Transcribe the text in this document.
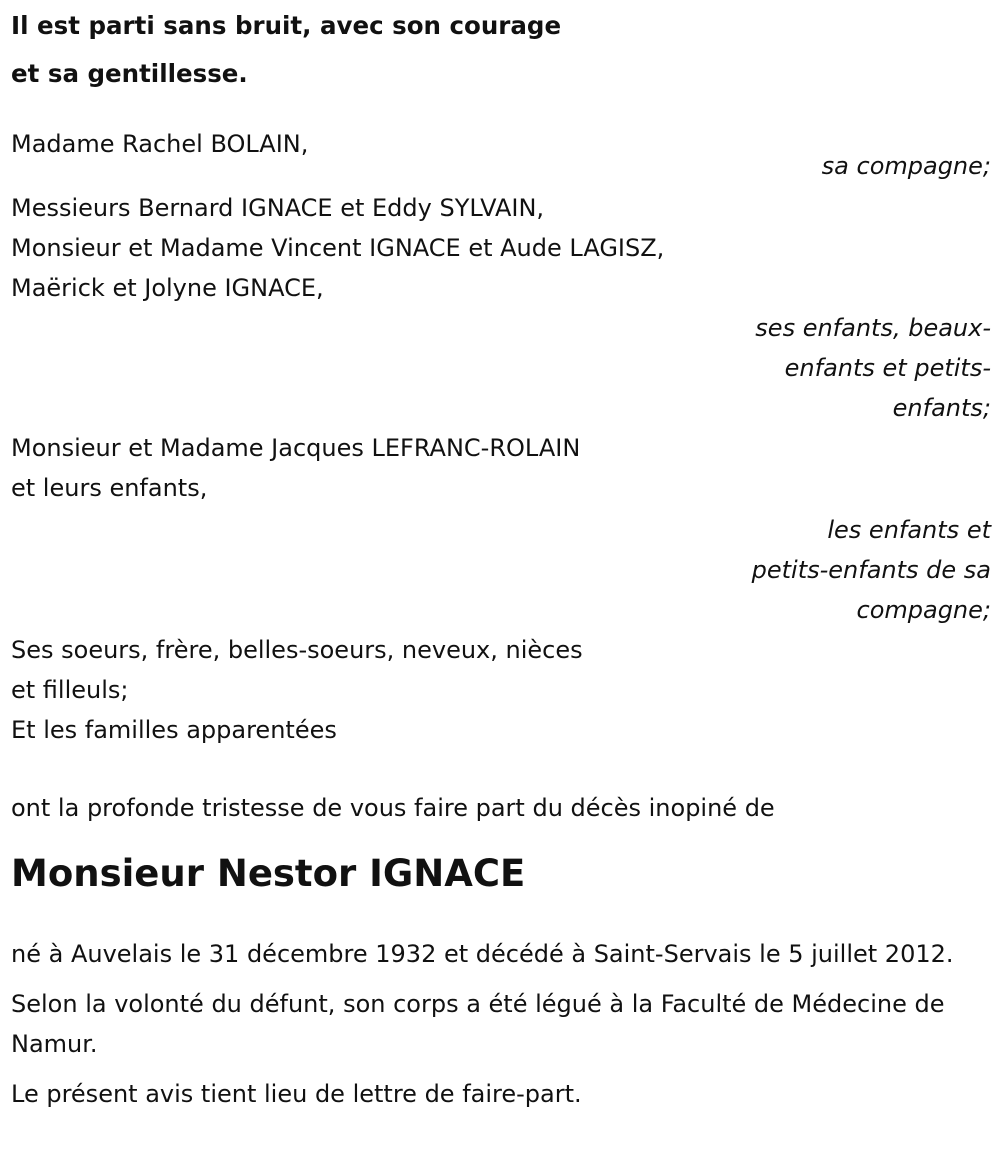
Il est parti sans bruit, avec son courage
et sa gentillesse.
Madame Rachel BOLAIN,
sa compagne;
Messieurs Bernard IGNACE et Eddy SYLVAIN,
Monsieur et Madame Vincent IGNACE et Aude LAGISZ,
Maërick et Jolyne IGNACE,
ses enfants, beaux-
enfants et petits-
enfants;
Monsieur et Madame Jacques LEFRANC-ROLAIN
et leurs enfants,
les enfants et
petits-enfants de sa
compagne;
Ses soeurs, frère, belles-soeurs, neveux, nièces
et filleuls;
Et les familles apparentées
ont la profonde tristesse de vous faire part du décès inopiné de
Monsieur Nestor IGNACE

né à Auvelais le 31 décembre 1932 et décédé à Saint-Servais le 5 juillet 2012.

Selon la volonté du défunt, son corps a été légué à la Faculté de Médecine de Namur.

Le présent avis tient lieu de lettre de faire-part.
